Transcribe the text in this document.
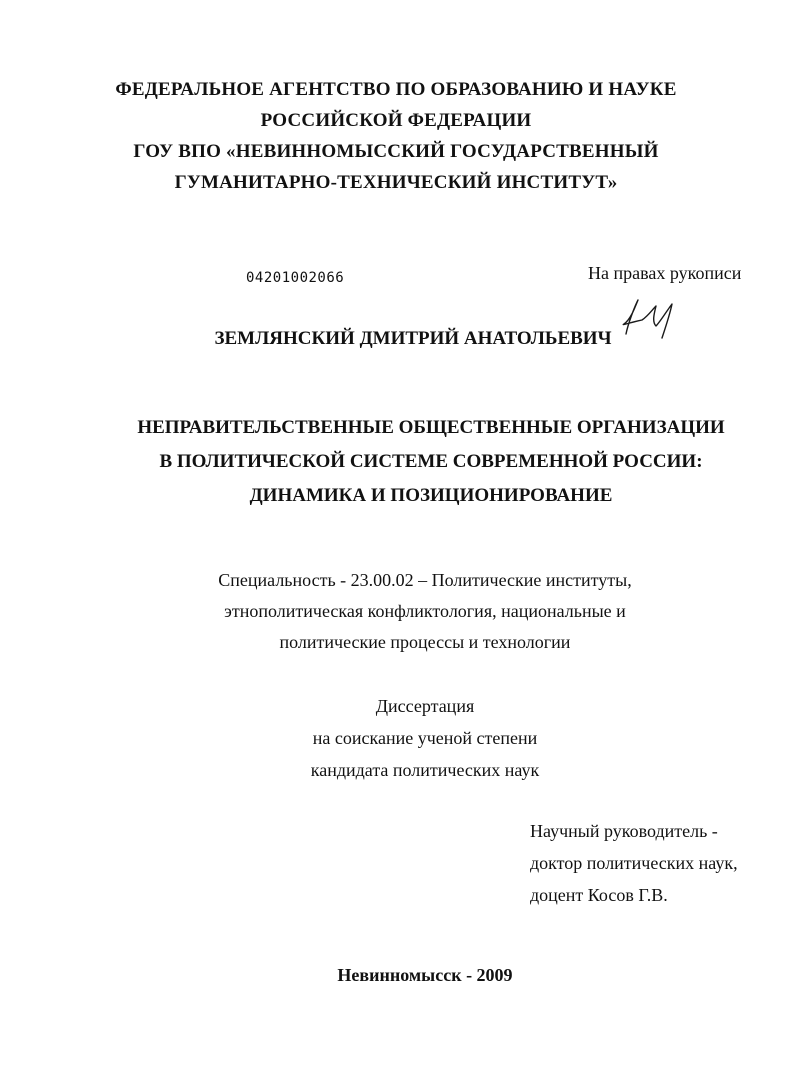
ФЕДЕРАЛЬНОЕ АГЕНТСТВО ПО ОБРАЗОВАНИЮ И НАУКЕ
РОССИЙСКОЙ ФЕДЕРАЦИИ
ГОУ ВПО «НЕВИННОМЫССКИЙ ГОСУДАРСТВЕННЫЙ
ГУМАНИТАРНО-ТЕХНИЧЕСКИЙ ИНСТИТУТ»
04201002066	На правах рукописи
ЗЕМЛЯНСКИЙ ДМИТРИЙ АНАТОЛЬЕВИЧ
НЕПРАВИТЕЛЬСТВЕННЫЕ ОБЩЕСТВЕННЫЕ ОРГАНИЗАЦИИ
В ПОЛИТИЧЕСКОЙ СИСТЕМЕ СОВРЕМЕННОЙ РОССИИ:
ДИНАМИКА И ПОЗИЦИОНИРОВАНИЕ
Специальность - 23.00.02 – Политические институты,
этнополитическая конфликтология, национальные и
политические процессы и технологии
Диссертация
на соискание ученой степени
кандидата политических наук
Научный руководитель -
доктор политических наук,
доцент Косов Г.В.
Невинномысск - 2009
